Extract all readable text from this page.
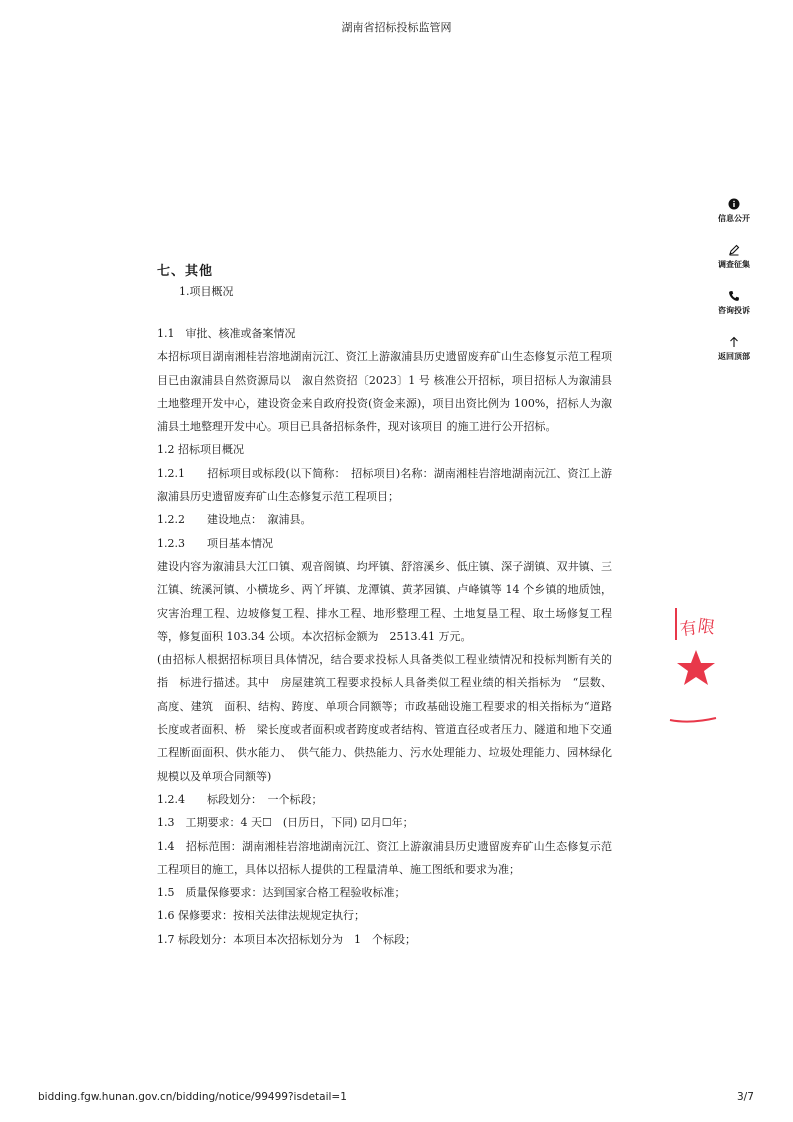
湖南省招标投标监管网
信息公开
调查征集
咨询投诉
返回顶部
七、其他
1.项目概况

1.1　审批、核准或备案情况

本招标项目湖南湘桂岩溶地湖南沅江、资江上游溆浦县历史遗留废弃矿山生态修复示范工程项目已由溆浦县自然资源局以　溆自然资招〔2023〕1 号 核准公开招标，项目招标人为溆浦县土地整理开发中心，建设资金来自政府投资(资金来源)，项目出资比例为 100%，招标人为溆浦县土地整理开发中心。项目已具备招标条件，现对该项目 的施工进行公开招标。

1.2 招标项目概况

1.2.1　　招标项目或标段(以下简称：　招标项目)名称：湖南湘桂岩溶地湖南沅江、资江上游溆浦县历史遗留废弃矿山生态修复示范工程项目；

1.2.2　　建设地点：　溆浦县。

1.2.3　　项目基本情况

建设内容为溆浦县大江口镇、观音阁镇、均坪镇、舒溶溪乡、低庄镇、深子湖镇、双井镇、三江镇、统溪河镇、小横垅乡、两丫坪镇、龙潭镇、黄茅园镇、卢峰镇等 14 个乡镇的地质蚀，灾害治理工程、边坡修复工程、排水工程、地形整理工程、土地复垦工程、取土场修复工程等，修复面积 103.34 公顷。本次招标金额为　2513.41 万元。

(由招标人根据招标项目具体情况，结合要求投标人具备类似工程业绩情况和投标判断有关的指　标进行描述。其中　房屋建筑工程要求投标人具备类似工程业绩的相关指标为　“层数、高度、建筑　面积、结构、跨度、单项合同额等；市政基础设施工程要求的相关指标为“道路长度或者面积、桥　梁长度或者面积或者跨度或者结构、管道直径或者压力、隧道和地下交通工程断面面积、供水能力、　供气能力、供热能力、污水处理能力、垃圾处理能力、园林绿化规模以及单项合同额等)

1.2.4　　标段划分：　一个标段；

1.3　工期要求：4 天☐　(日历日，下同) ☑月☐年；

1.4　招标范围：湖南湘桂岩溶地湖南沅江、资江上游溆浦县历史遗留废弃矿山生态修复示范工程项目的施工，具体以招标人提供的工程量清单、施工图纸和要求为准；

1.5　质量保修要求：达到国家合格工程验收标准；

1.6 保修要求：按相关法律法规规定执行；

1.7 标段划分：本项目本次招标划分为　1　个标段；

有
限
bidding.fgw.hunan.gov.cn/bidding/notice/99499?isdetail=1	3/7
